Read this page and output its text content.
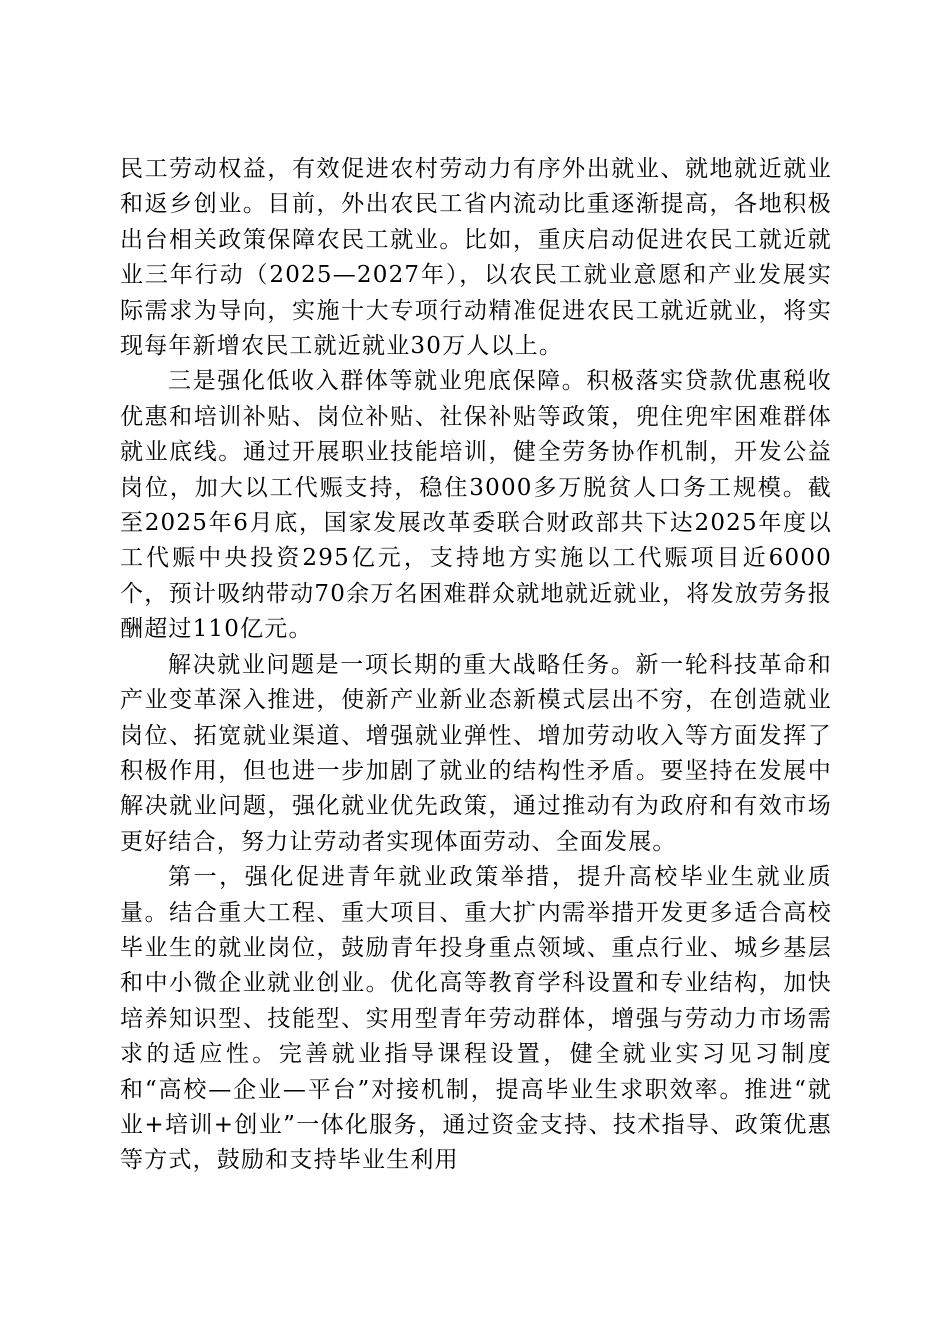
民工劳动权益，有效促进农村劳动力有序外出就业、就地就近就业和返乡创业。目前，外出农民工省内流动比重逐渐提高，各地积极出台相关政策保障农民工就业。比如，重庆启动促进农民工就近就业三年行动（2025—2027年），以农民工就业意愿和产业发展实际需求为导向，实施十大专项行动精准促进农民工就近就业，将实现每年新增农民工就近就业30万人以上。

三是强化低收入群体等就业兜底保障。积极落实贷款优惠税收优惠和培训补贴、岗位补贴、社保补贴等政策，兜住兜牢困难群体就业底线。通过开展职业技能培训，健全劳务协作机制，开发公益岗位，加大以工代赈支持，稳住3000多万脱贫人口务工规模。截至2025年6月底，国家发展改革委联合财政部共下达2025年度以工代赈中央投资295亿元，支持地方实施以工代赈项目近6000个，预计吸纳带动70余万名困难群众就地就近就业，将发放劳务报酬超过110亿元。

解决就业问题是一项长期的重大战略任务。新一轮科技革命和产业变革深入推进，使新产业新业态新模式层出不穷，在创造就业岗位、拓宽就业渠道、增强就业弹性、增加劳动收入等方面发挥了积极作用，但也进一步加剧了就业的结构性矛盾。要坚持在发展中解决就业问题，强化就业优先政策，通过推动有为政府和有效市场更好结合，努力让劳动者实现体面劳动、全面发展。

第一，强化促进青年就业政策举措，提升高校毕业生就业质量。结合重大工程、重大项目、重大扩内需举措开发更多适合高校毕业生的就业岗位，鼓励青年投身重点领域、重点行业、城乡基层和中小微企业就业创业。优化高等教育学科设置和专业结构，加快培养知识型、技能型、实用型青年劳动群体，增强与劳动力市场需求的适应性。完善就业指导课程设置，健全就业实习见习制度和“高校—企业—平台”对接机制，提高毕业生求职效率。推进“就业+培训+创业”一体化服务，通过资金支持、技术指导、政策优惠等方式，鼓励和支持毕业生利用
